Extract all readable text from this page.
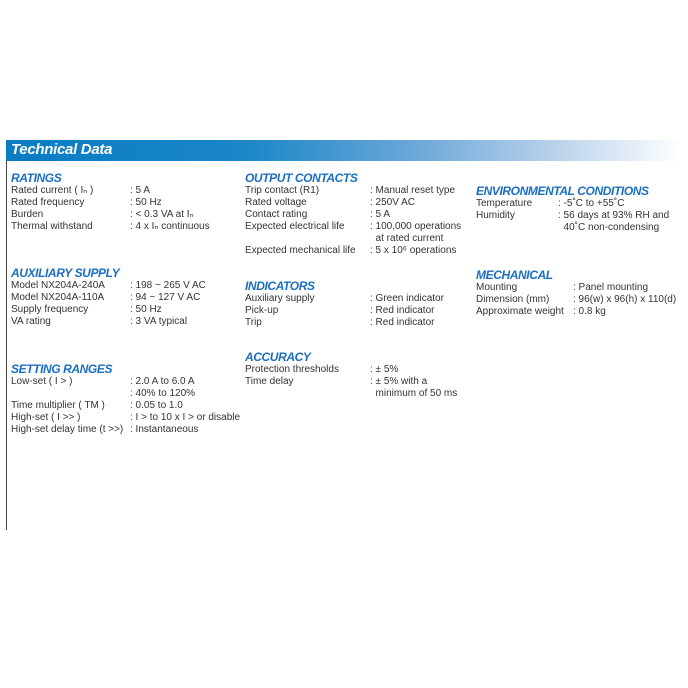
Technical Data
RATINGS
Rated current ( Iₙ )	: 5 A
Rated frequency	: 50 Hz
Burden	: < 0.3 VA at Iₙ
Thermal withstand	: 4 x Iₙ continuous
AUXILIARY SUPPLY
Model NX204A-240A	: 198 ~ 265 V AC
Model NX204A-110A	: 94 ~ 127 V AC
Supply frequency	: 50 Hz
VA rating	: 3 VA typical
SETTING RANGES
Low-set ( I > )	: 2.0 A to 6.0 A
: 40% to 120%
Time multiplier ( TM )	: 0.05 to 1.0
High-set ( I >> )	: I > to 10 x I > or disable
High-set delay time (t >>) : Instantaneous
OUTPUT CONTACTS
Trip contact (R1)	: Manual reset type
Rated voltage	: 250V AC
Contact rating	: 5 A
Expected electrical life	: 100,000 operations
at rated current
Expected mechanical life : 5 x 10⁶ operations
INDICATORS
Auxiliary supply	: Green indicator
Pick-up	: Red indicator
Trip	: Red indicator
ACCURACY
Protection thresholds	: ± 5%
Time delay	: ± 5% with a
minimum of 50 ms
ENVIRONMENTAL CONDITIONS
Temperature	: -5˚C to +55˚C
Humidity	: 56 days at 93% RH and
40˚C non-condensing
MECHANICAL
Mounting	: Panel mounting
Dimension (mm) : 96(w) x 96(h) x 110(d)
Approximate weight : 0.8 kg
